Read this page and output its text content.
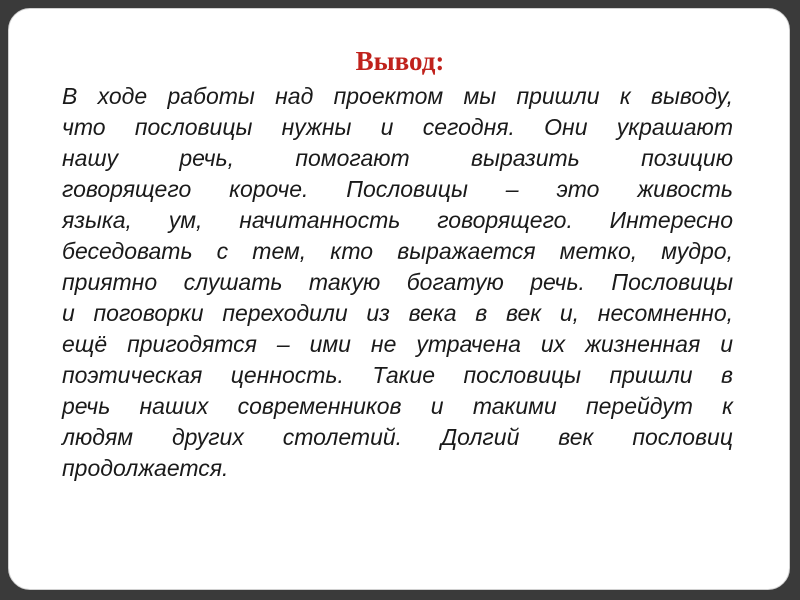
Вывод:
В ходе работы над проектом мы пришли к выводу,
что пословицы нужны и сегодня. Они украшают
нашу речь, помогают выразить позицию
говорящего короче. Пословицы – это живость
языка, ум, начитанность говорящего. Интересно
беседовать с тем, кто выражается метко, мудро,
приятно слушать такую богатую речь. Пословицы
и поговорки переходили из века в век и, несомненно,
ещё пригодятся – ими не утрачена их жизненная и
поэтическая ценность. Такие пословицы пришли в
речь наших современников и такими перейдут к
людям других столетий. Долгий век пословиц
продолжается.
